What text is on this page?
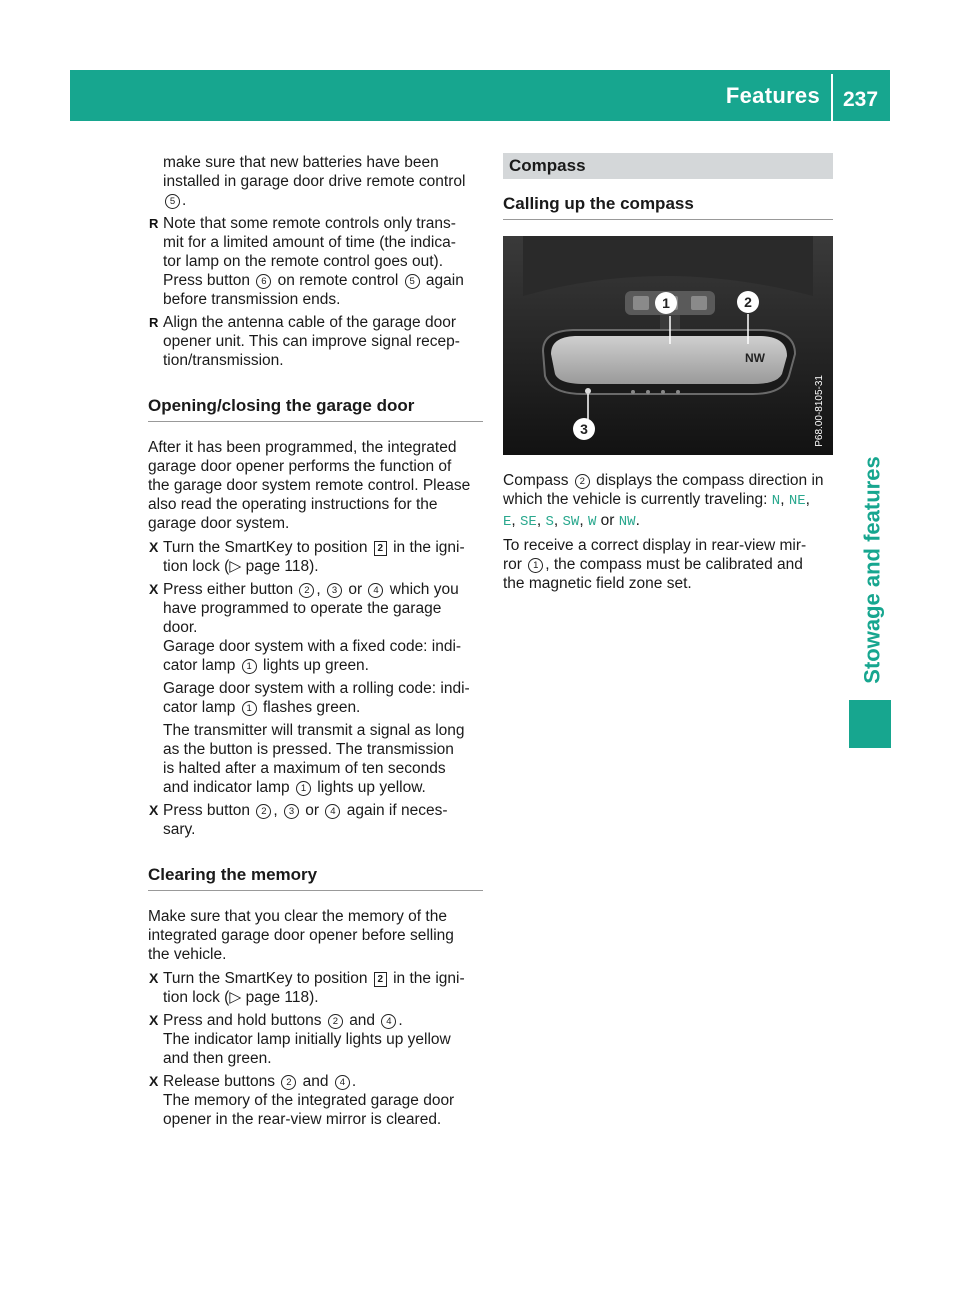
Features 237
Stowage and features

make sure that new batteries have been

installed in garage door drive remote control

5 .

R Note that some remote controls only trans-

mit for a limited amount of time (the indica-

tor lamp on the remote control goes out).

Press button 6 on remote control 5 again

before transmission ends.

R Align the antenna cable of the garage door

opener unit. This can improve signal recep-

tion/transmission.

Opening/closing the garage door

After it has been programmed, the integrated

garage door opener performs the function of

the garage door system remote control. Please

also read the operating instructions for the

garage door system.

X Turn the SmartKey to position 2 in the igni-

tion lock (▷ page 118).

X Press either button 2 , 3 or 4 which you

have programmed to operate the garage

door.

Garage door system with a fixed code: indi-

cator lamp 1 lights up green.

Garage door system with a rolling code: indi-

cator lamp 1 flashes green.

The transmitter will transmit a signal as long

as the button is pressed. The transmission

is halted after a maximum of ten seconds

and indicator lamp 1 lights up yellow.

X Press button 2 , 3 or 4 again if neces-

sary.

Clearing the memory

Make sure that you clear the memory of the

integrated garage door opener before selling

the vehicle.

X Turn the SmartKey to position 2 in the igni-

tion lock (▷ page 118).

X Press and hold buttons 2 and 4 .

The indicator lamp initially lights up yellow

and then green.

X Release buttons 2 and 4 .

The memory of the integrated garage door

opener in the rear-view mirror is cleared.

Compass
Calling up the compass
NW
1	2
3	P68.00-8105-31

Compass 2 displays the compass direction in

which the vehicle is currently traveling: N, NE,

E, SE, S, SW, W or NW.

To receive a correct display in rear-view mir-

ror 1 , the compass must be calibrated and

the magnetic field zone set.
